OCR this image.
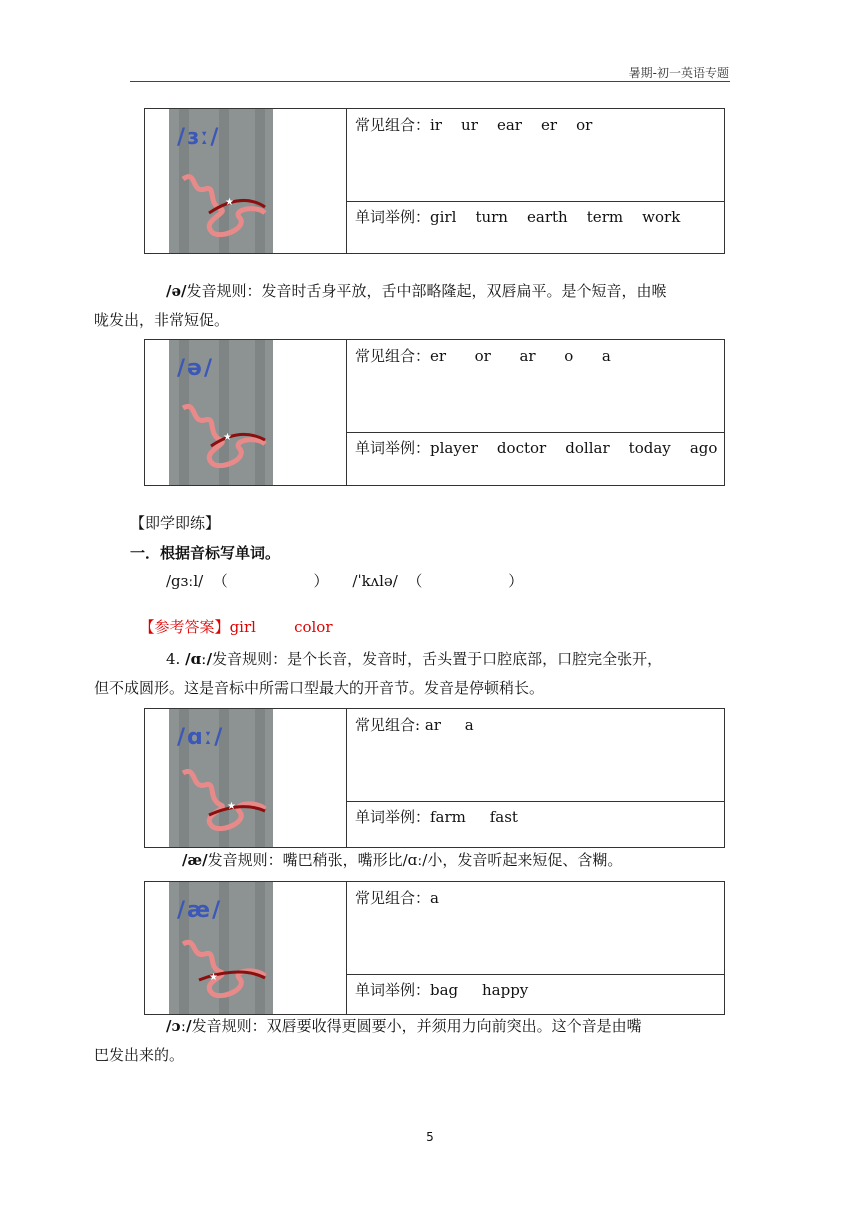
暑期-初一英语专题
★
/ɜː/	常见组合：ir    ur    ear    er    or
单词举例：girl    turn    earth    term    work
/ə/发音规则：发音时舌身平放，舌中部略隆起，双唇扁平。是个短音，由喉
咙发出，非常短促。
★
/ə/	常见组合：er      or      ar      o      a
单词举例：player    doctor    dollar    today    ago
【即学即练】
一．根据音标写单词。
/gɜːl/  （                  ）     /ˈkʌlə/  （                  ）

【参考答案】girl        color

4. /ɑː/发音规则：是个长音，发音时，舌头置于口腔底部，口腔完全张开，
但不成圆形。这是音标中所需口型最大的开音节。发音是停顿稍长。
★
/ɑː/	常见组合: ar     a
单词举例：farm     fast
/æ/发音规则：嘴巴稍张，嘴形比/ɑː/小，发音听起来短促、含糊。
★
/æ/	常见组合：a
单词举例：bag     happy
/ɔː/发音规则：双唇要收得更圆要小，并须用力向前突出。这个音是由嘴
巴发出来的。
5
